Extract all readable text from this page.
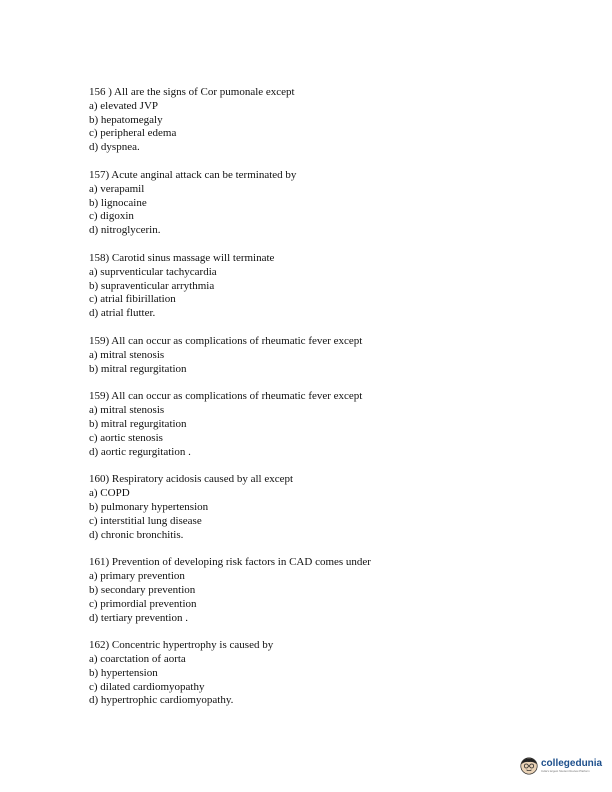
156 ) All are the signs of Cor pumonale except
a) elevated JVP
b) hepatomegaly
c) peripheral edema
d) dyspnea.
157) Acute anginal attack can be terminated by
a) verapamil
b) lignocaine
c) digoxin
d) nitroglycerin.
158) Carotid sinus massage will terminate
a) suprventicular tachycardia
b) supraventicular arrythmia
c) atrial fibirillation
d) atrial flutter.
159) All can occur as complications of rheumatic fever except
a) mitral stenosis
b) mitral regurgitation
159) All can occur as complications of rheumatic fever except
a) mitral stenosis
b) mitral regurgitation
c) aortic stenosis
d) aortic regurgitation .
160) Respiratory acidosis caused by all except
a) COPD
b) pulmonary hypertension
c) interstitial lung disease
d) chronic bronchitis.
161) Prevention of developing risk factors in CAD comes under
a) primary prevention
b) secondary prevention
c) primordial prevention
d) tertiary prevention .
162) Concentric hypertrophy is caused by
a) coarctation of aorta
b) hypertension
c) dilated cardiomyopathy
d) hypertrophic cardiomyopathy.
collegedunia
India's largest Student Review Platform
